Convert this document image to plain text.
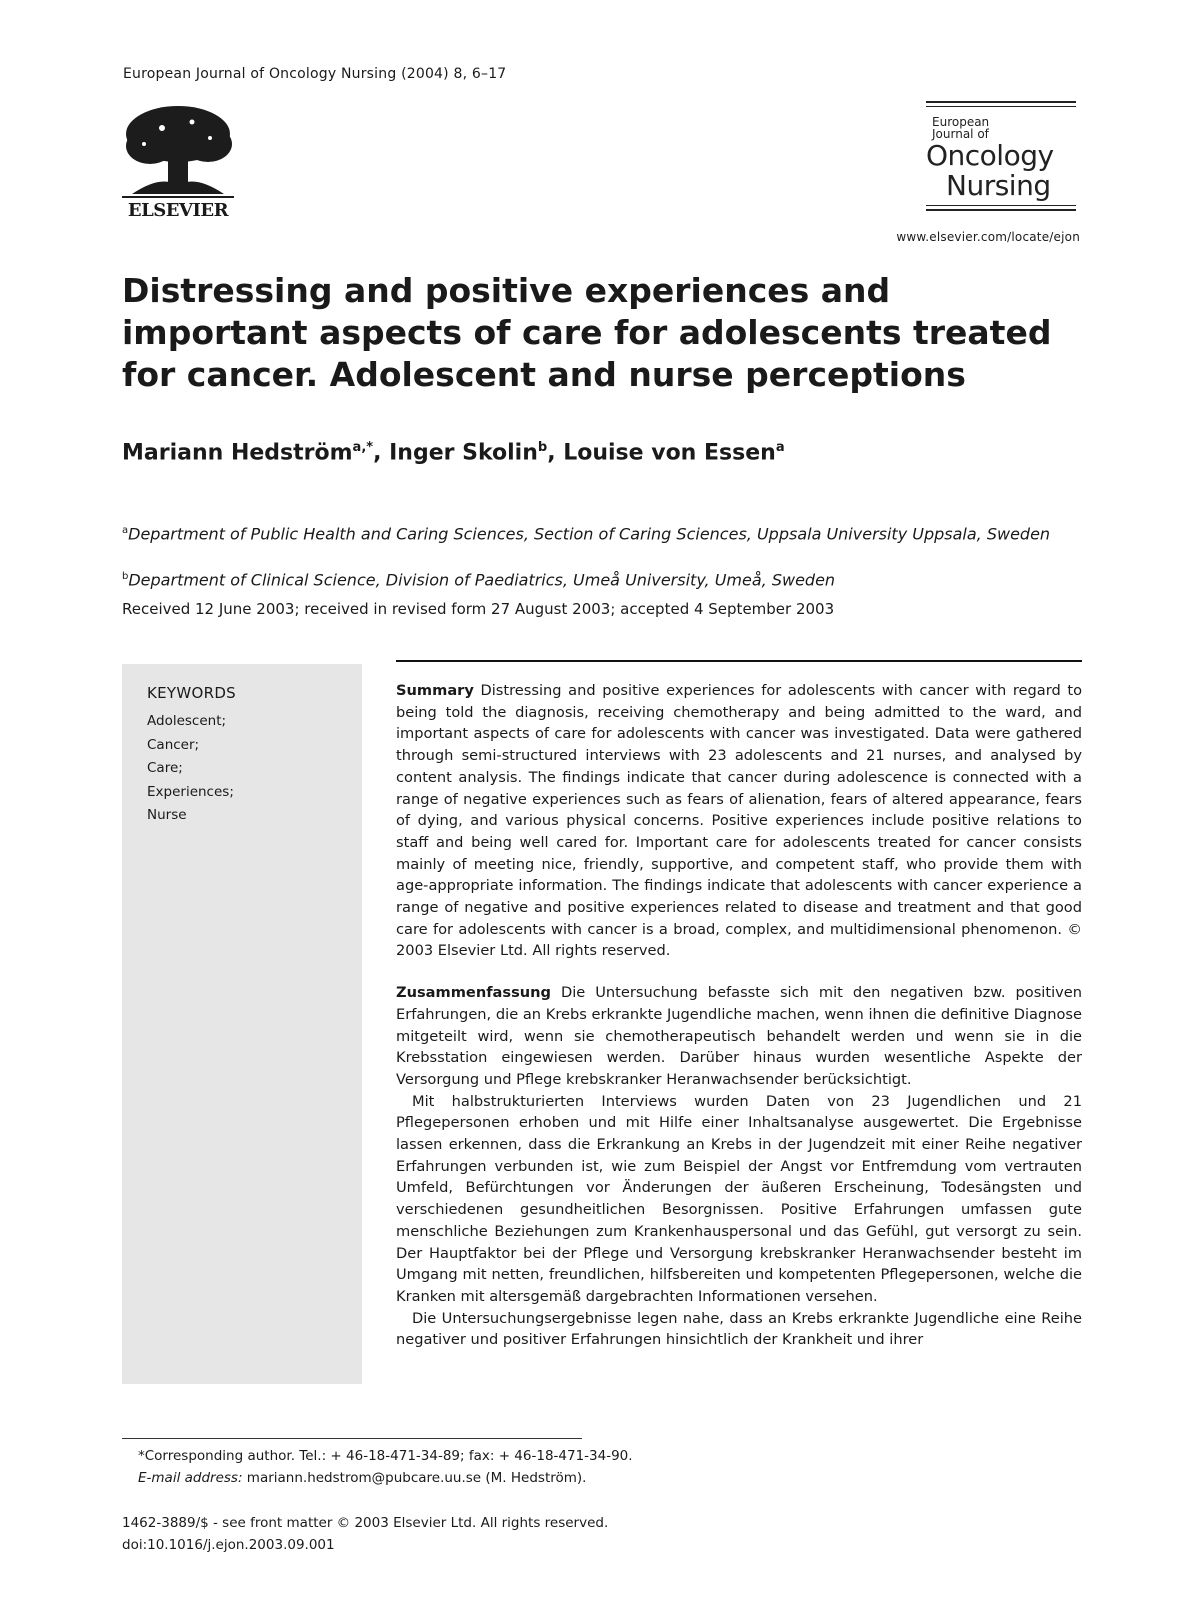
European Journal of Oncology Nursing (2004) 8, 6–17
ELSEVIER
European
Journal of
Oncology
Nursing
www.elsevier.com/locate/ejon
Distressing and positive experiences and important aspects of care for adolescents treated for cancer. Adolescent and nurse perceptions
Mariann Hedström$^{a,*}$, Inger Skolin$^b$, Louise von Essen$^a$
$^a$Department of Public Health and Caring Sciences, Section of Caring Sciences, Uppsala University Uppsala, Sweden
$^b$Department of Clinical Science, Division of Paediatrics, Umeå University, Umeå, Sweden
Received 12 June 2003; received in revised form 27 August 2003; accepted 4 September 2003
KEYWORDS
Adolescent;
Cancer;
Care;
Experiences;
Nurse

Summary Distressing and positive experiences for adolescents with cancer with regard to being told the diagnosis, receiving chemotherapy and being admitted to the ward, and important aspects of care for adolescents with cancer was investigated. Data were gathered through semi-structured interviews with 23 adolescents and 21 nurses, and analysed by content analysis. The findings indicate that cancer during adolescence is connected with a range of negative experiences such as fears of alienation, fears of altered appearance, fears of dying, and various physical concerns. Positive experiences include positive relations to staff and being well cared for. Important care for adolescents treated for cancer consists mainly of meeting nice, friendly, supportive, and competent staff, who provide them with age-appropriate information. The findings indicate that adolescents with cancer experience a range of negative and positive experiences related to disease and treatment and that good care for adolescents with cancer is a broad, complex, and multidimensional phenomenon. © 2003 Elsevier Ltd. All rights reserved.

Zusammenfassung Die Untersuchung befasste sich mit den negativen bzw. positiven Erfahrungen, die an Krebs erkrankte Jugendliche machen, wenn ihnen die definitive Diagnose mitgeteilt wird, wenn sie chemotherapeutisch behandelt werden und wenn sie in die Krebsstation eingewiesen werden. Darüber hinaus wurden wesentliche Aspekte der Versorgung und Pflege krebskranker Heranwachsender berücksichtigt.

Mit halbstrukturierten Interviews wurden Daten von 23 Jugendlichen und 21 Pflegepersonen erhoben und mit Hilfe einer Inhaltsanalyse ausgewertet. Die Ergebnisse lassen erkennen, dass die Erkrankung an Krebs in der Jugendzeit mit einer Reihe negativer Erfahrungen verbunden ist, wie zum Beispiel der Angst vor Entfremdung vom vertrauten Umfeld, Befürchtungen vor Änderungen der äußeren Erscheinung, Todesängsten und verschiedenen gesundheitlichen Besorgnissen. Positive Erfahrungen umfassen gute menschliche Beziehungen zum Krankenhauspersonal und das Gefühl, gut versorgt zu sein. Der Hauptfaktor bei der Pflege und Versorgung krebskranker Heranwachsender besteht im Umgang mit netten, freundlichen, hilfsbereiten und kompetenten Pflegepersonen, welche die Kranken mit altersgemäß dargebrachten Informationen versehen.

Die Untersuchungsergebnisse legen nahe, dass an Krebs erkrankte Jugendliche eine Reihe negativer und positiver Erfahrungen hinsichtlich der Krankheit und ihrer

*Corresponding author. Tel.: + 46-18-471-34-89; fax: + 46-18-471-34-90.
E-mail address: mariann.hedstrom@pubcare.uu.se (M. Hedström).
1462-3889/$ - see front matter © 2003 Elsevier Ltd. All rights reserved.
doi:10.1016/j.ejon.2003.09.001
